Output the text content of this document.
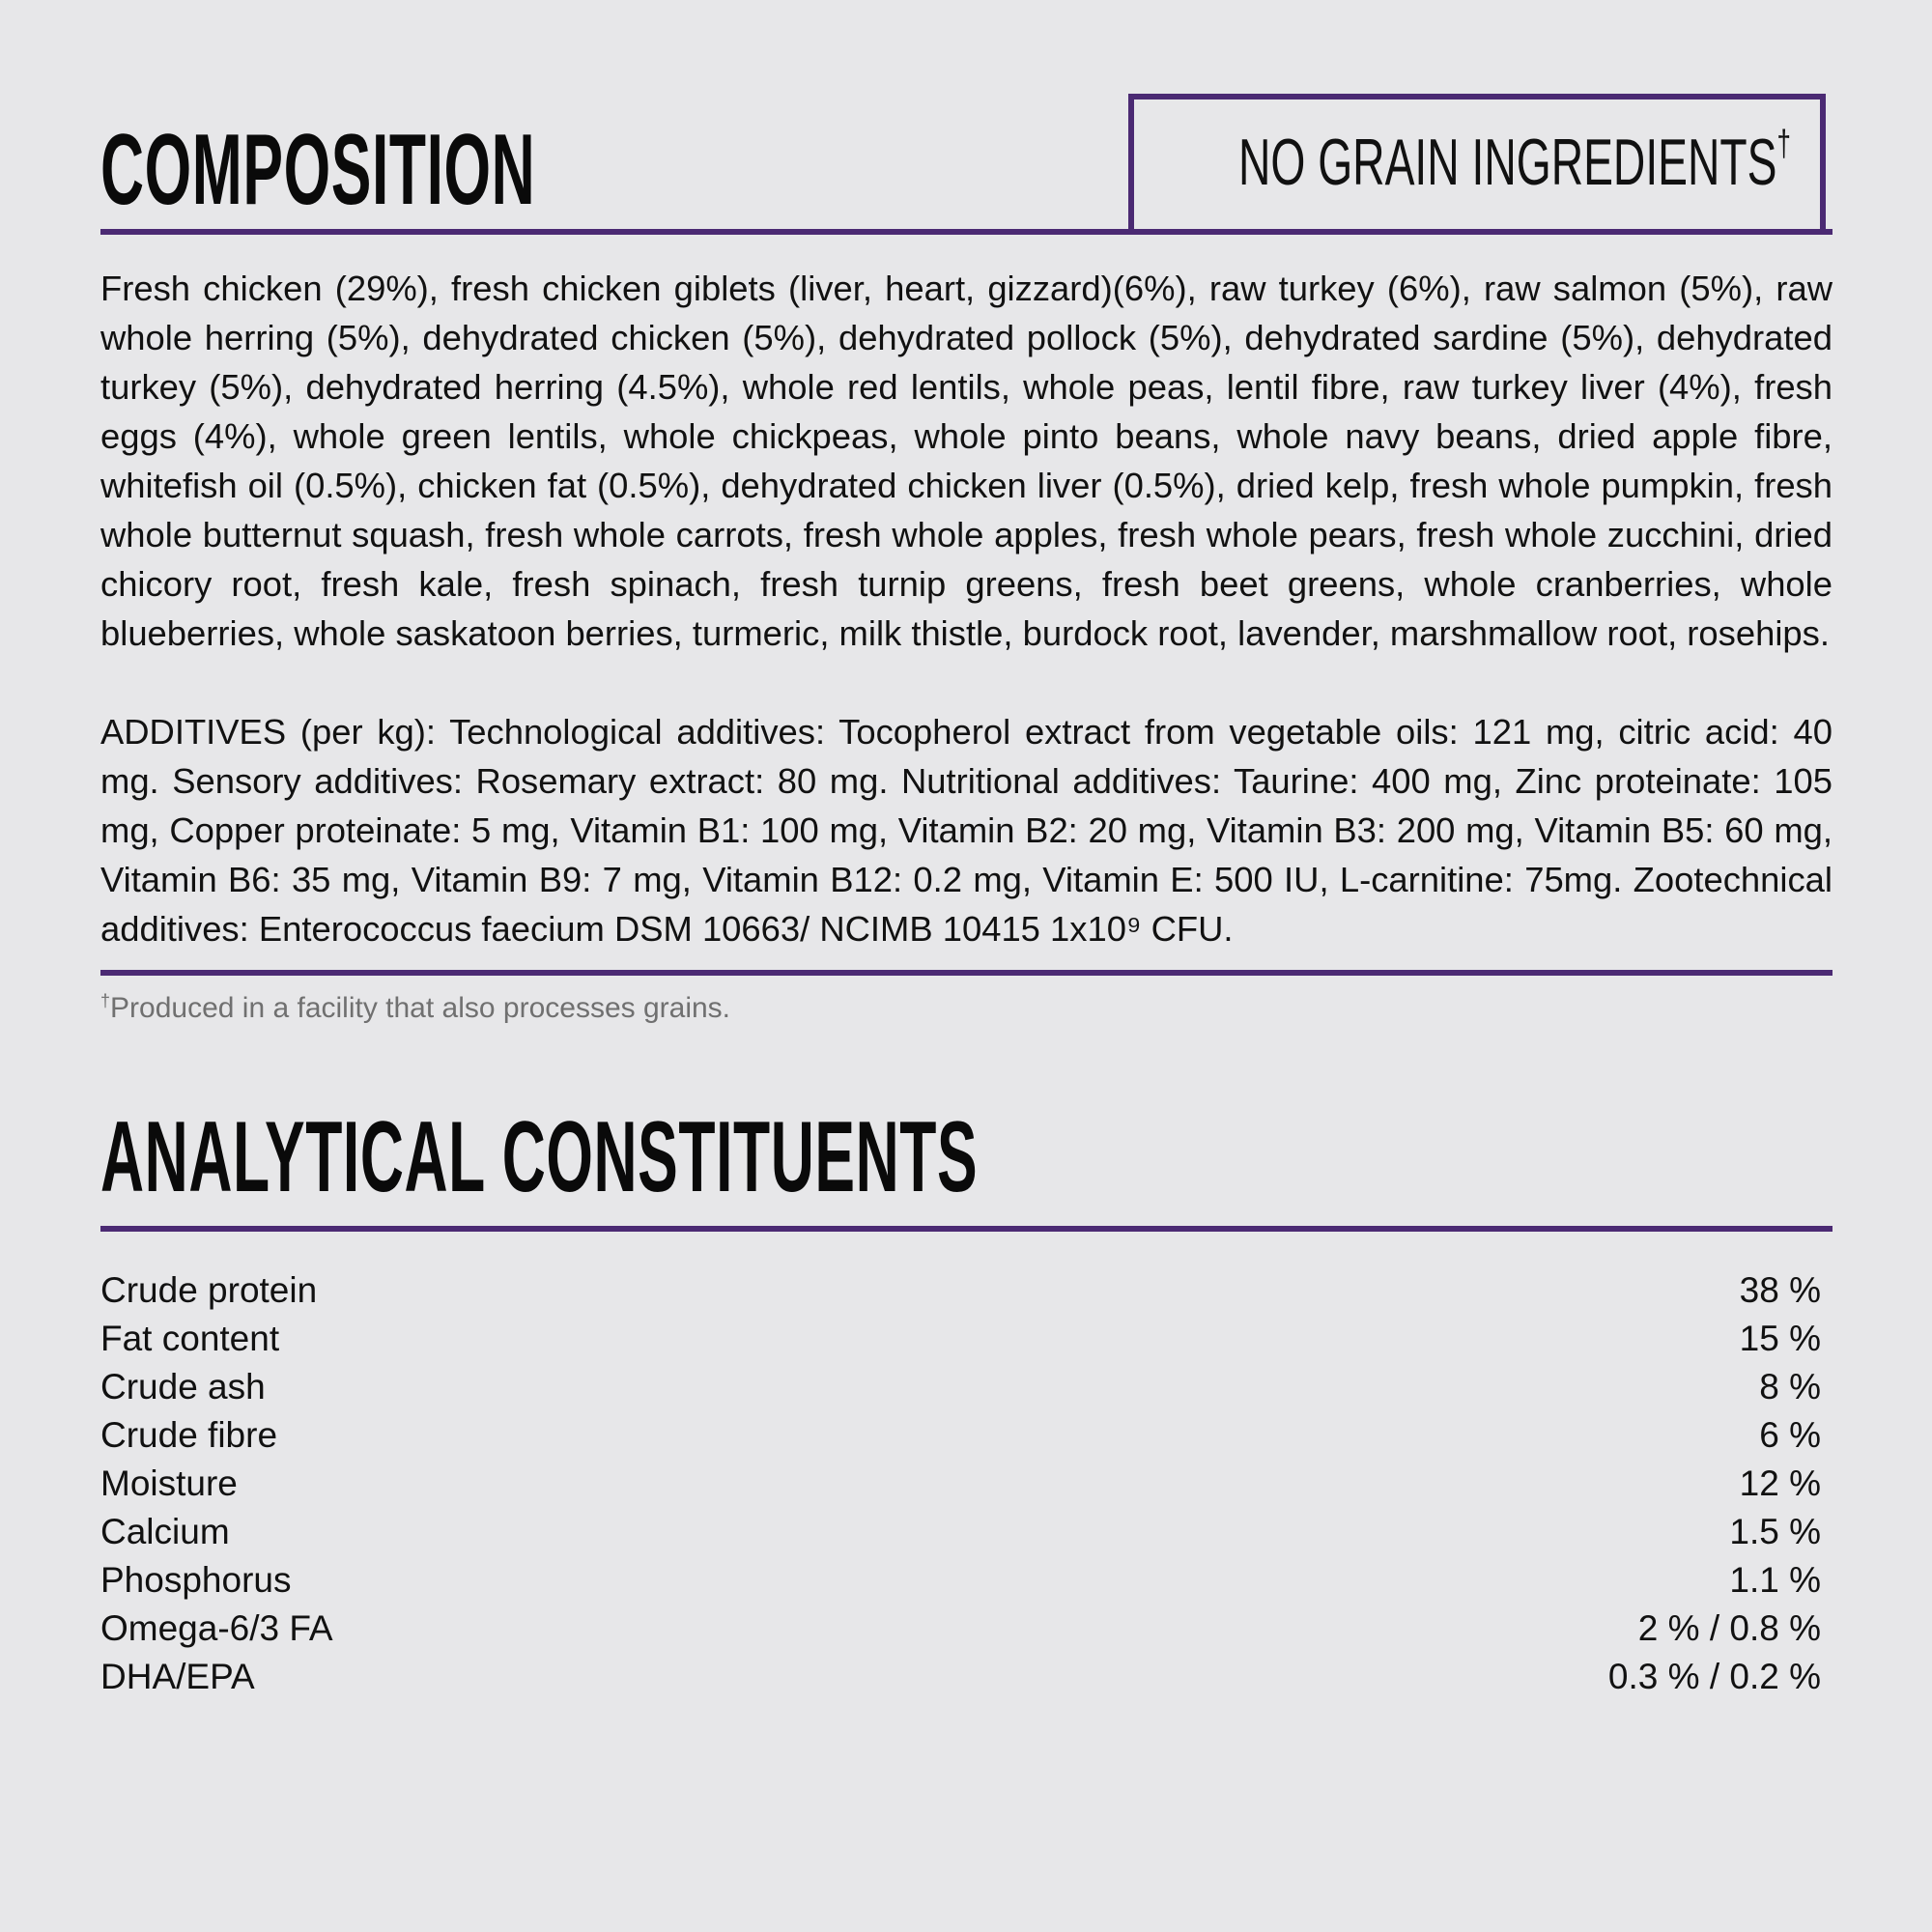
COMPOSITION	NO GRAIN INGREDIENTS†

Fresh chicken (29%), fresh chicken giblets (liver, heart, gizzard)(6%), raw turkey (6%), raw salmon (5%), raw whole herring (5%), dehydrated chicken (5%), dehydrated pollock (5%), dehydrated sardine (5%), dehydrated turkey (5%), dehydrated herring (4.5%), whole red lentils, whole peas, lentil fibre, raw turkey liver (4%), fresh eggs (4%), whole green lentils, whole chickpeas, whole pinto beans, whole navy beans, dried apple fibre, whitefish oil (0.5%), chicken fat (0.5%), dehydrated chicken liver (0.5%), dried kelp, fresh whole pumpkin, fresh whole butternut squash, fresh whole carrots, fresh whole apples, fresh whole pears, fresh whole zucchini, dried chicory root, fresh kale, fresh spinach, fresh turnip greens, fresh beet greens, whole cranberries, whole blueberries, whole saskatoon berries, turmeric, milk thistle, burdock root, lavender, marshmallow root, rosehips.

ADDITIVES (per kg): Technological additives: Tocopherol extract from vegetable oils: 121 mg, citric acid: 40 mg. Sensory additives: Rosemary extract: 80 mg. Nutritional additives: Taurine: 400 mg, Zinc proteinate: 105 mg, Copper proteinate: 5 mg, Vitamin B1: 100 mg, Vitamin B2: 20 mg, Vitamin B3: 200 mg, Vitamin B5: 60 mg, Vitamin B6: 35 mg, Vitamin B9: 7 mg, Vitamin B12: 0.2 mg, Vitamin E: 500 IU, L-carnitine: 75mg. Zootechnical additives: Enterococcus faecium DSM 10663/ NCIMB 10415 1x10⁹ CFU.

†Produced in a facility that also processes grains.
ANALYTICAL CONSTITUENTS
Crude protein	38 %
Fat content	15 %
Crude ash	8 %
Crude fibre	6 %
Moisture	12 %
Calcium	1.5 %
Phosphorus	1.1 %
Omega-6/3 FA	2 % / 0.8 %
DHA/EPA	0.3 % / 0.2 %
